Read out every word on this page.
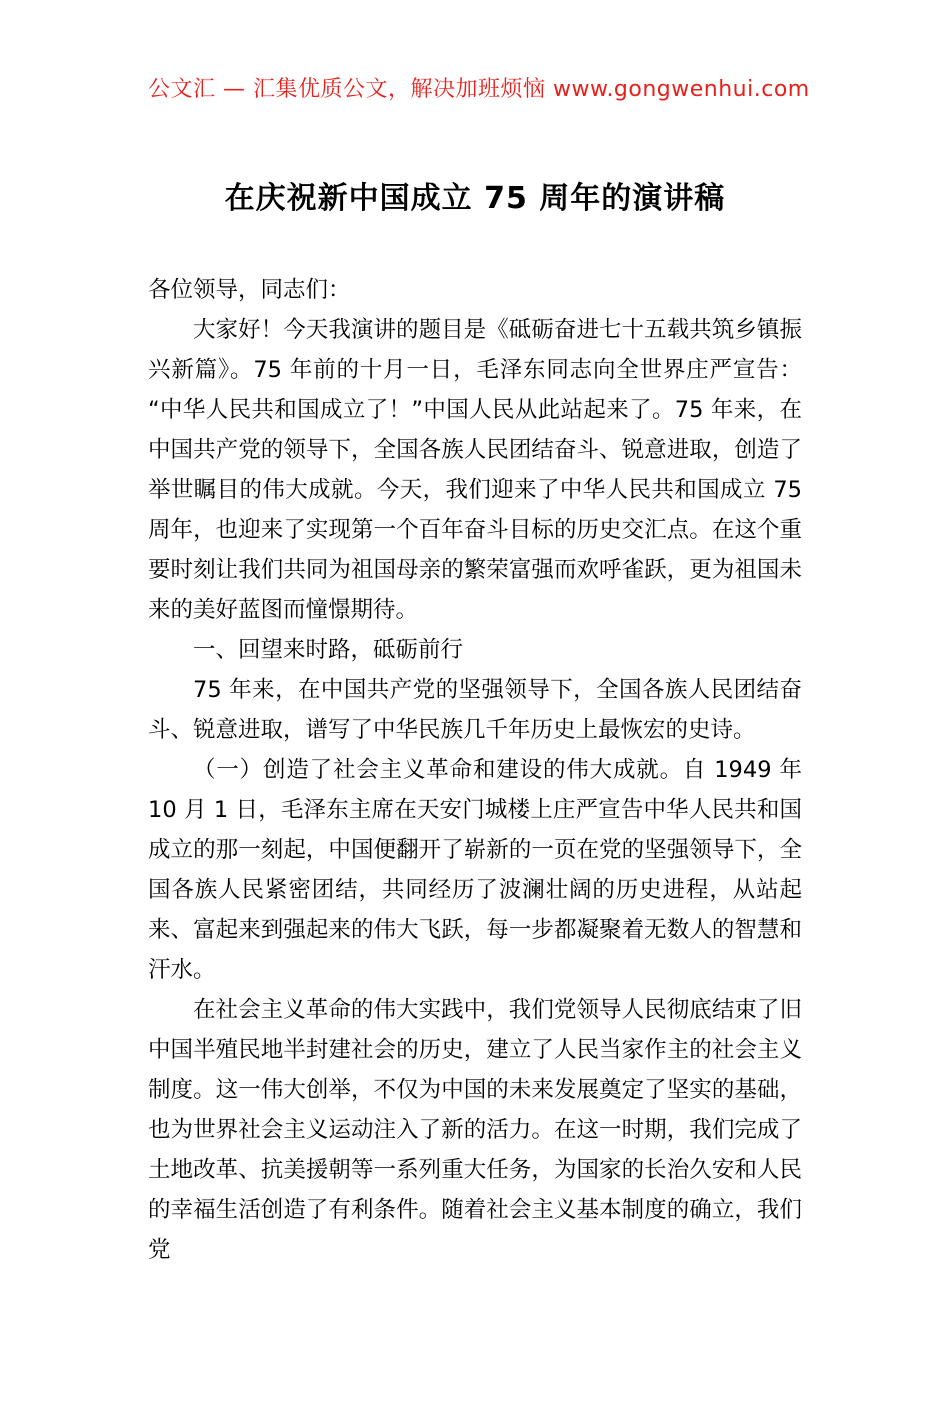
公文汇 — 汇集优质公文，解决加班烦恼 www.gongwenhui.com
在庆祝新中国成立 75 周年的演讲稿

各位领导，同志们：

大家好！今天我演讲的题目是《砥砺奋进七十五载共筑乡镇振兴新篇》。75 年前的十月一日，毛泽东同志向全世界庄严宣告：“中华人民共和国成立了！”中国人民从此站起来了。75 年来，在中国共产党的领导下，全国各族人民团结奋斗、锐意进取，创造了举世瞩目的伟大成就。今天，我们迎来了中华人民共和国成立 75 周年，也迎来了实现第一个百年奋斗目标的历史交汇点。在这个重要时刻让我们共同为祖国母亲的繁荣富强而欢呼雀跃，更为祖国未来的美好蓝图而憧憬期待。

一、回望来时路，砥砺前行

75 年来，在中国共产党的坚强领导下，全国各族人民团结奋斗、锐意进取，谱写了中华民族几千年历史上最恢宏的史诗。

（一）创造了社会主义革命和建设的伟大成就。自 1949 年 10 月 1 日，毛泽东主席在天安门城楼上庄严宣告中华人民共和国成立的那一刻起，中国便翻开了崭新的一页在党的坚强领导下，全国各族人民紧密团结，共同经历了波澜壮阔的历史进程，从站起来、富起来到强起来的伟大飞跃，每一步都凝聚着无数人的智慧和汗水。

在社会主义革命的伟大实践中，我们党领导人民彻底结束了旧中国半殖民地半封建社会的历史，建立了人民当家作主的社会主义制度。这一伟大创举，不仅为中国的未来发展奠定了坚实的基础，也为世界社会主义运动注入了新的活力。在这一时期，我们完成了土地改革、抗美援朝等一系列重大任务，为国家的长治久安和人民的幸福生活创造了有利条件。随着社会主义基本制度的确立，我们党
